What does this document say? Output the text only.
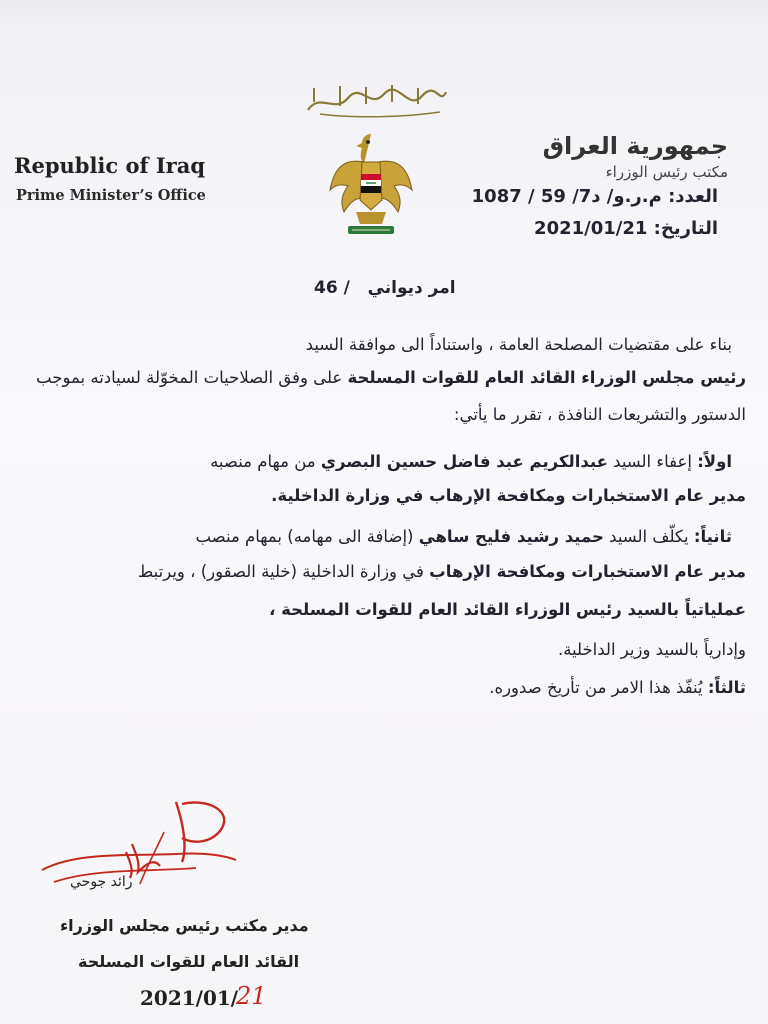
Republic of Iraq
Prime Minister’s Office
جمهورية العراق
مكتب رئيس الوزراء
العدد: م.ر.و/ د7/ 59 / 1087
التاريخ: 2021/01/21
امر ديواني   / 46
بناء على مقتضيات المصلحة العامة ، واستناداً الى موافقة السيد
رئيس مجلس الوزراء القائد العام للقوات المسلحة على وفق الصلاحيات المخوّلة لسيادته بموجب
الدستور والتشريعات النافذة ، تقرر ما يأتي:
اولاً: إعفاء السيد عبدالكريم عبد فاضل حسين البصري من مهام منصبه
مدير عام الاستخبارات ومكافحة الإرهاب في وزارة الداخلية.
ثانياً: يكلّف السيد حميد رشيد فليح ساهي (إضافة الى مهامه) بمهام منصب
مدير عام الاستخبارات ومكافحة الإرهاب في وزارة الداخلية (خلية الصقور) ، ويرتبط
عملياتياً بالسيد رئيس الوزراء القائد العام للقوات المسلحة ،
وإدارياً بالسيد وزير الداخلية.
ثالثاً: يُنفّذ هذا الامر من تأريخ صدوره.
رائد جوحي
مدير مكتب رئيس مجلس الوزراء
القائد العام للقوات المسلحة
2021/01/
21
